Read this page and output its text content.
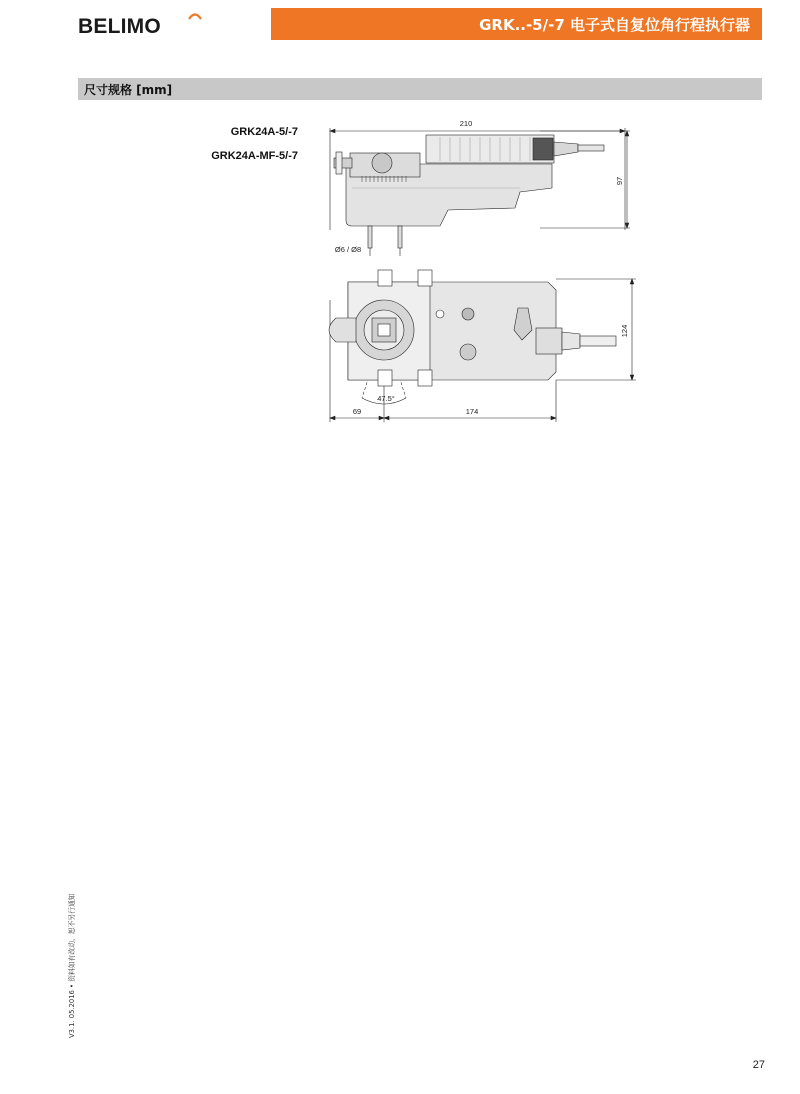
BELIMO	GRK..-5/-7 电子式自复位角行程执行器
尺寸规格 [mm]
GRK24A-5/-7
GRK24A-MF-5/-7
210
97
Ø6 / Ø8
124
47.5°
69	174
V3.1. 05.2016 • 资料如有改动，恕不另行通知
27
